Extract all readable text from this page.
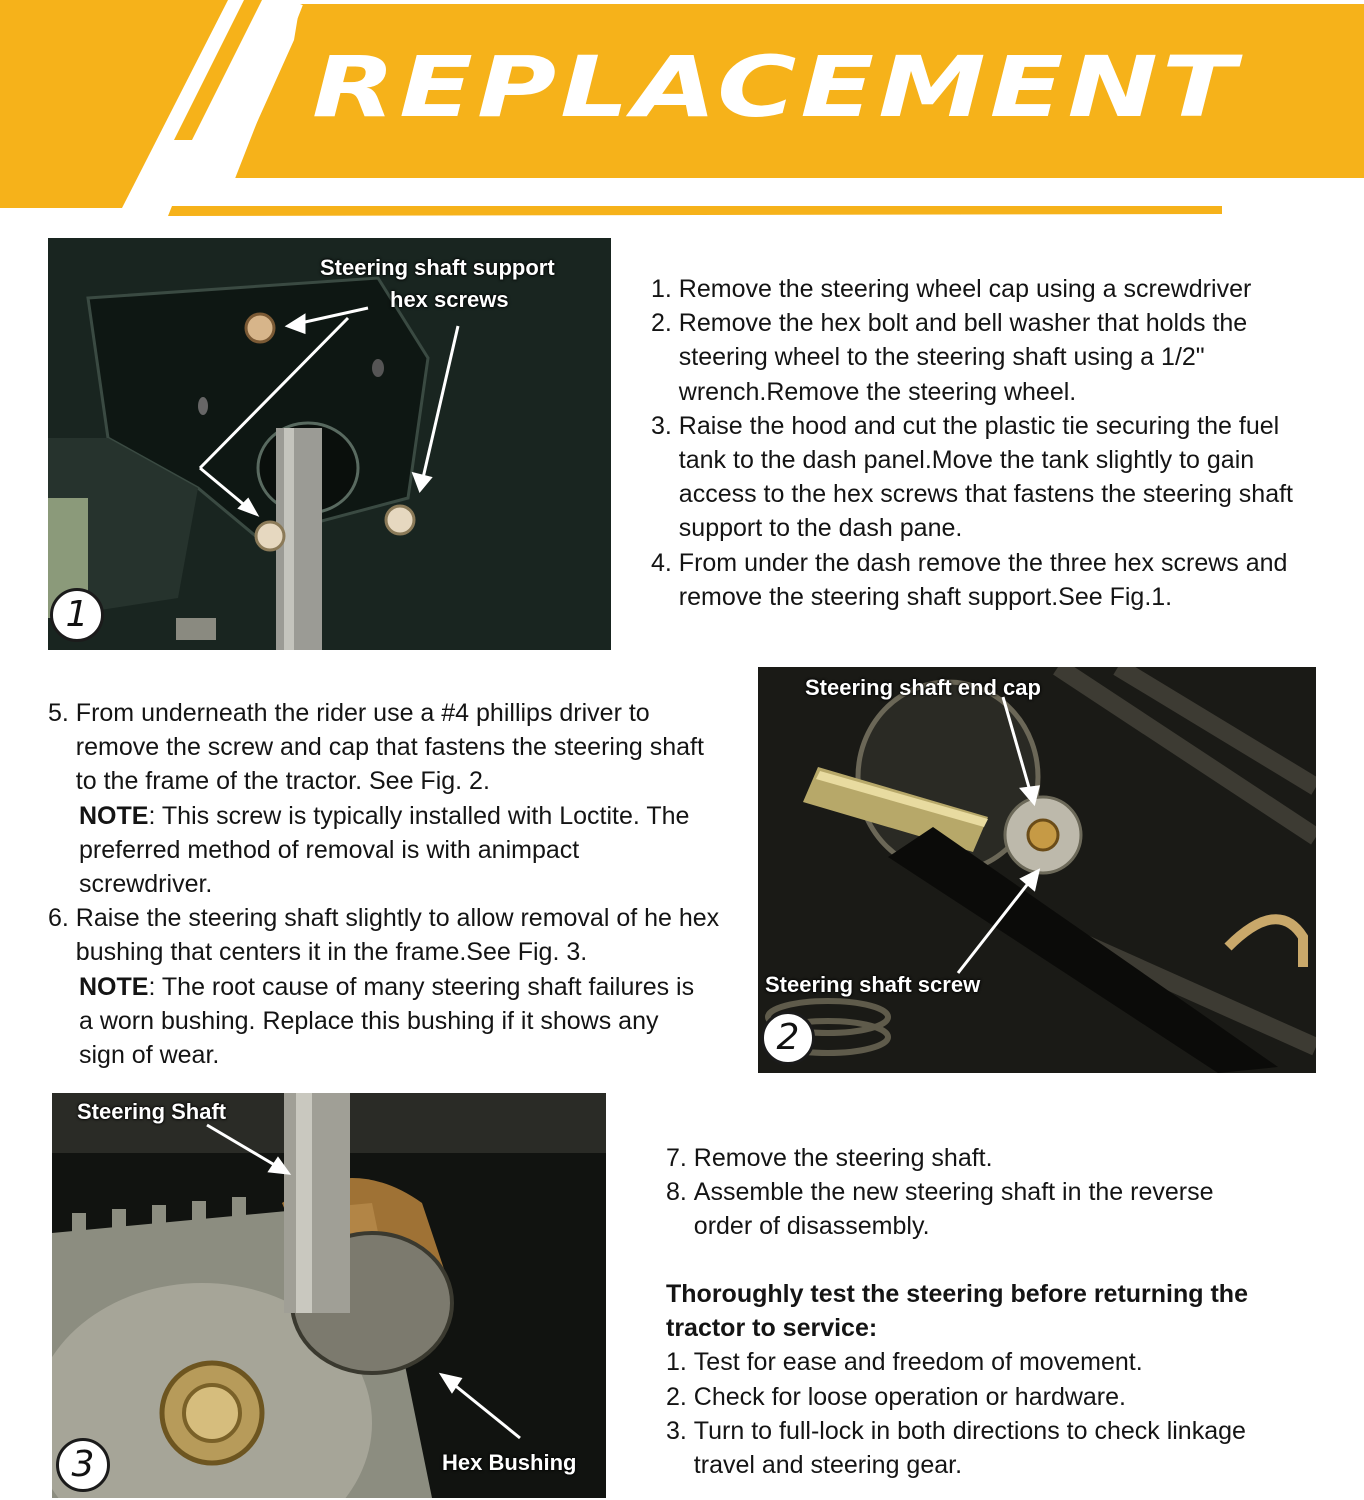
REPLACEMENT
Steering shaft support
hex screws
1
1. Remove the steering wheel cap using a screwdriver
2. Remove the hex bolt and bell washer that holds the steering wheel to the steering shaft using a 1/2" wrench.Remove the steering wheel.
3. Raise the hood and cut the plastic tie securing the fuel tank to the dash panel.Move the tank slightly to gain access to the hex screws that fastens the steering shaft support to the dash pane.
4. From under the dash remove the three hex screws and remove the steering shaft support.See Fig.1.
Steering shaft end cap
Steering shaft screw
2
5. From underneath the rider use a #4 phillips driver to remove the screw and cap that fastens the steering shaft to the frame of the tractor. See Fig. 2.
NOTE: This screw is typically installed with Loctite. The preferred method of removal is with animpact screwdriver.
6. Raise the steering shaft slightly to allow removal of he hex bushing that centers it in the frame.See Fig. 3.
NOTE: The root cause of many steering shaft failures is a worn bushing. Replace this bushing if it shows any sign of wear.
Steering Shaft
Hex Bushing
3
7. Remove the steering shaft.
8. Assemble the new steering shaft in the reverse order of disassembly.
Thoroughly test the steering before returning the tractor to service:
1. Test for ease and freedom of movement.
2. Check for loose operation or hardware.
3. Turn to full-lock in both directions to check linkage travel and steering gear.
